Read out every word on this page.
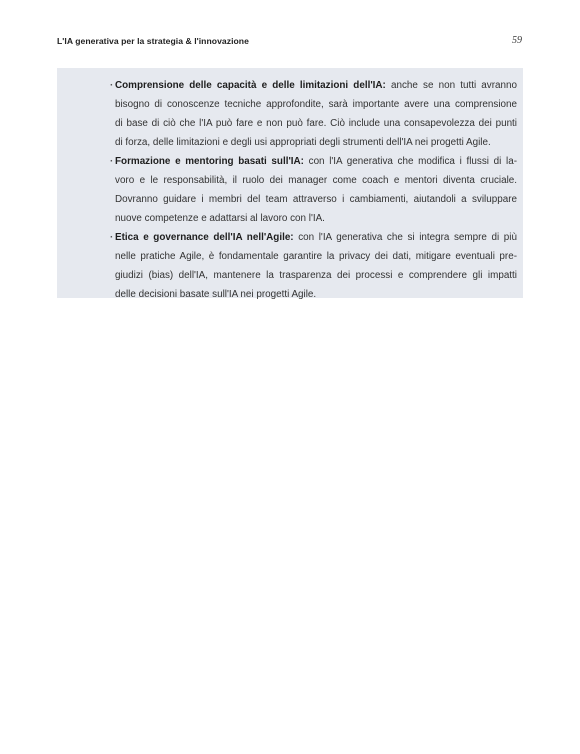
L'IA generativa per la strategia & l'innovazione	59
· Comprensione delle capacità e delle limitazioni dell'IA: anche se non tutti avranno
bisogno di conoscenze tecniche approfondite, sarà importante avere una comprensione
di base di ciò che l'IA può fare e non può fare. Ciò include una consapevolezza dei punti
di forza, delle limitazioni e degli usi appropriati degli strumenti dell'IA nei progetti Agile.
· Formazione e mentoring basati sull'IA: con l'IA generativa che modifica i flussi di la-
voro e le responsabilità, il ruolo dei manager come coach e mentori diventa cruciale.
Dovranno guidare i membri del team attraverso i cambiamenti, aiutandoli a sviluppare
nuove competenze e adattarsi al lavoro con l'IA.
· Etica e governance dell'IA nell'Agile: con l'IA generativa che si integra sempre di più
nelle pratiche Agile, è fondamentale garantire la privacy dei dati, mitigare eventuali pre-
giudizi (bias) dell'IA, mantenere la trasparenza dei processi e comprendere gli impatti
delle decisioni basate sull'IA nei progetti Agile.
